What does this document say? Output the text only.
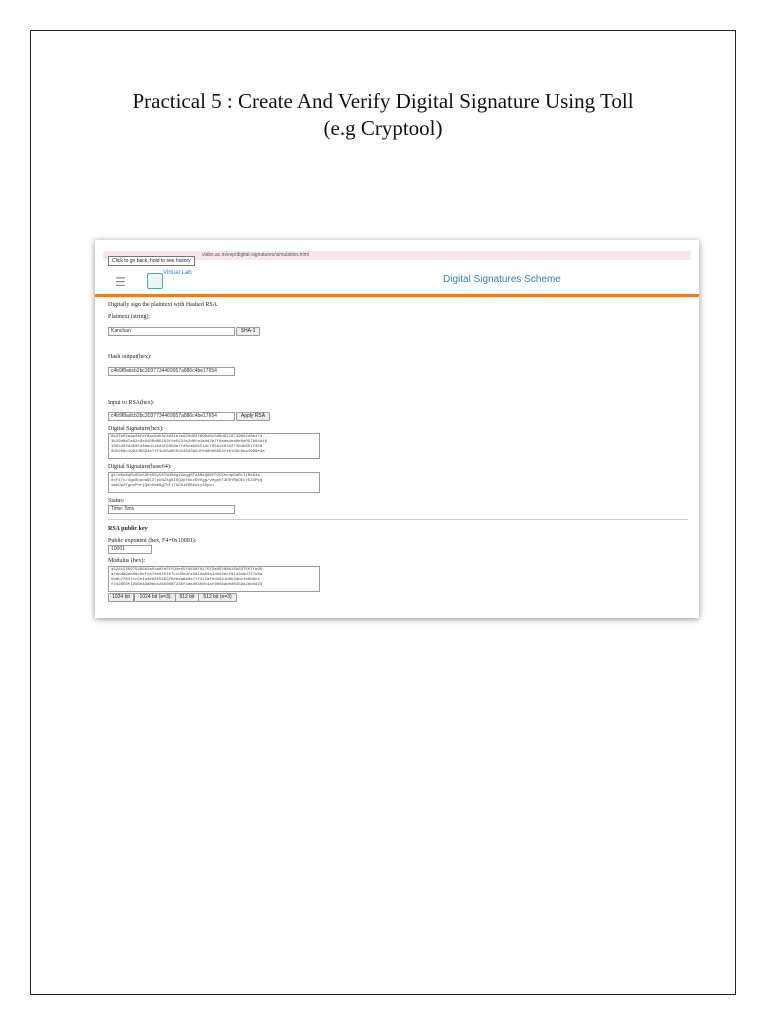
Practical 5 : Create And Verify Digital Signature Using Toll
(e.g Cryptool)
vlabs.ac.in/exp/digital-signatures/simulation.html
Click to go back, hold to see history
☰
Virtual Lab
Digital Signatures Scheme
Digitally sign the plaintext with Hashed RSA.
Plaintext (string):
Kanchan	SHA-1
Hash output(hex):
c4b9f8adcb2bc3037734469957a886c4be17654
Input to RSA(hex):
c4b9f8adcb2bc3037734469957a886c4be17654	Apply RSA
Digital Signature(hex):
8a4fe62aaa2afef8ac9db3f4d21b2e920d02f990d8c5d9d81187490d2d0e47d
3b29d8a7a62c9e9400d05193f1e9231e2d0fa1add2b7f9aaa4ea0e9d097804a16
1093402dd905d8aad12bd4f9356a7fd8ca0d051dc70561e93d273b4b651f358
0d2266c1962d6393e7ff4d33a050d24693b5df0d8b06654f401d3c9ba4906e3a
Digital Signature(base64):
gk/eKu6qRv5Dz53FeSGy5SYN4S8g4ZeggRTzAMzQ68fD2C5bcnpGdRcIjBeK4a
0xF47c/4ge8caca9137pk0ZXgSIDQ2pYbkvDVKgg/vHgxhT3HDYRpDEc7EZUPkQ
smkDuZYgnvPnfjQdhkmb6g7bFj7uD3iKDBbyky3Spo=
Status:
Time: 5ms
RSA public key
Public exponent (hex, F4=0x10001):
10001
Modulus (hex):
a5261539979466b2a5da0fe5ff94e65f0498f9175f5a09288016b837507fe99
afdbda9ab09c8efce7ee9fbfe7ccd3edfa3616a0da1ded3ecf81a3e9d727c8a
5b8b7f83f1c5e1a4e98f5993f5e0ea6a8a71f415af0d4941b0b3dbc2e609c4
f242656f1296049a0bbc26b0887235f4acd5600c4af0656ab0d0359d2bb0d23
1024 bit	1024 bit (e=3)	512 bit	512 bit (e=3)
